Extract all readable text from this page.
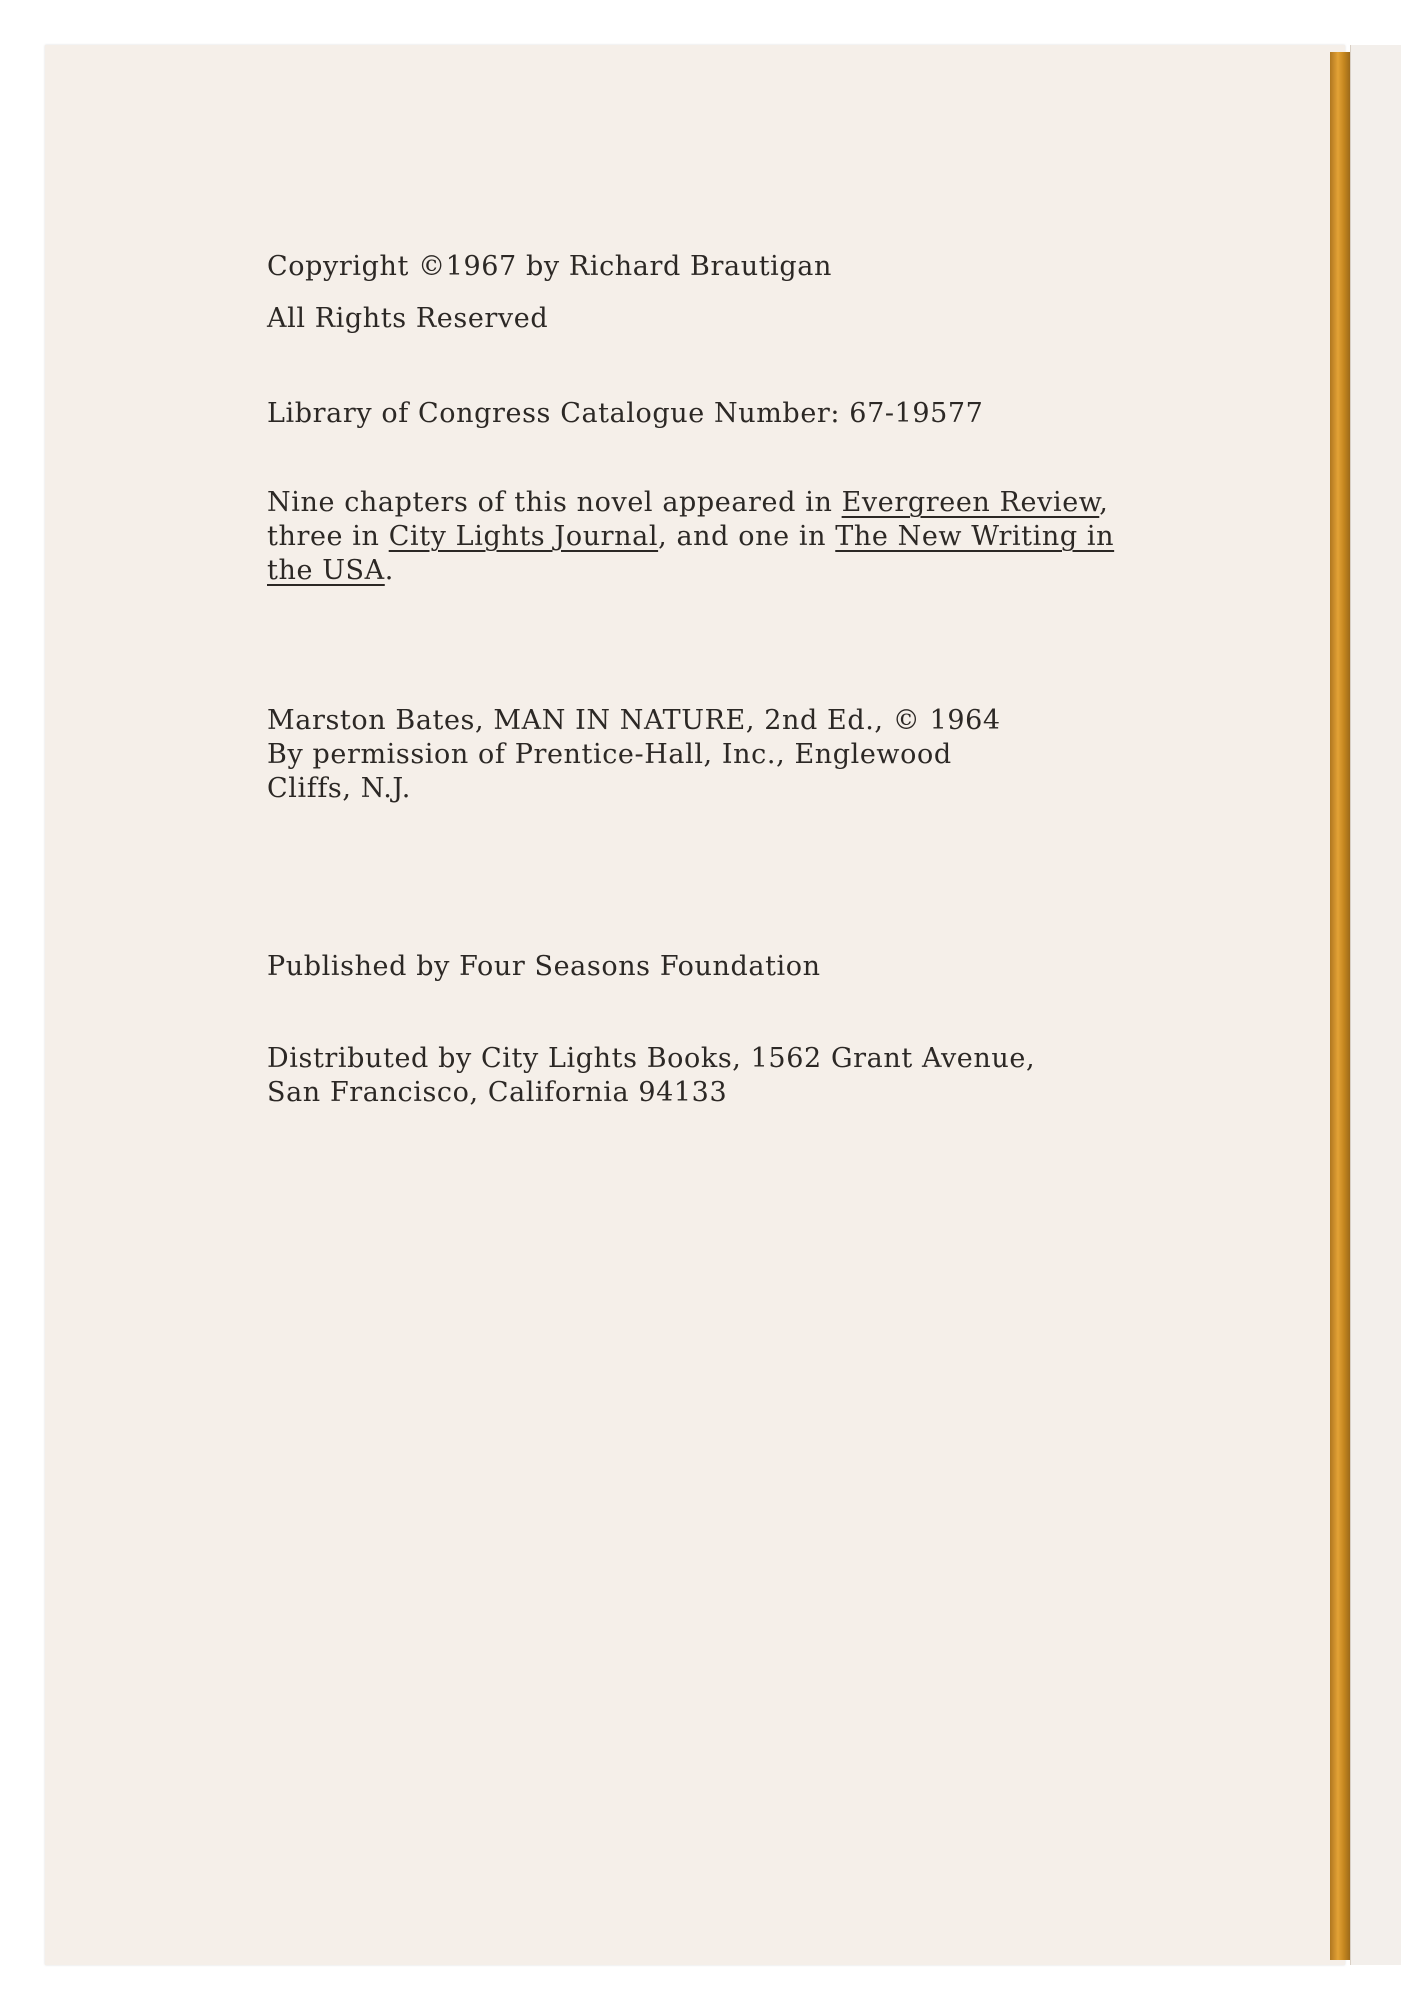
Copyright ©1967 by Richard Brautigan
All Rights Reserved
Library of Congress Catalogue Number: 67-19577
Nine chapters of this novel appeared in Evergreen Review,
three in City Lights Journal, and one in The New Writing in
the USA.
Marston Bates, MAN IN NATURE, 2nd Ed., © 1964
By permission of Prentice-Hall, Inc., Englewood
Cliffs, N.J.
Published by Four Seasons Foundation
Distributed by City Lights Books, 1562 Grant Avenue,
San Francisco, California 94133
